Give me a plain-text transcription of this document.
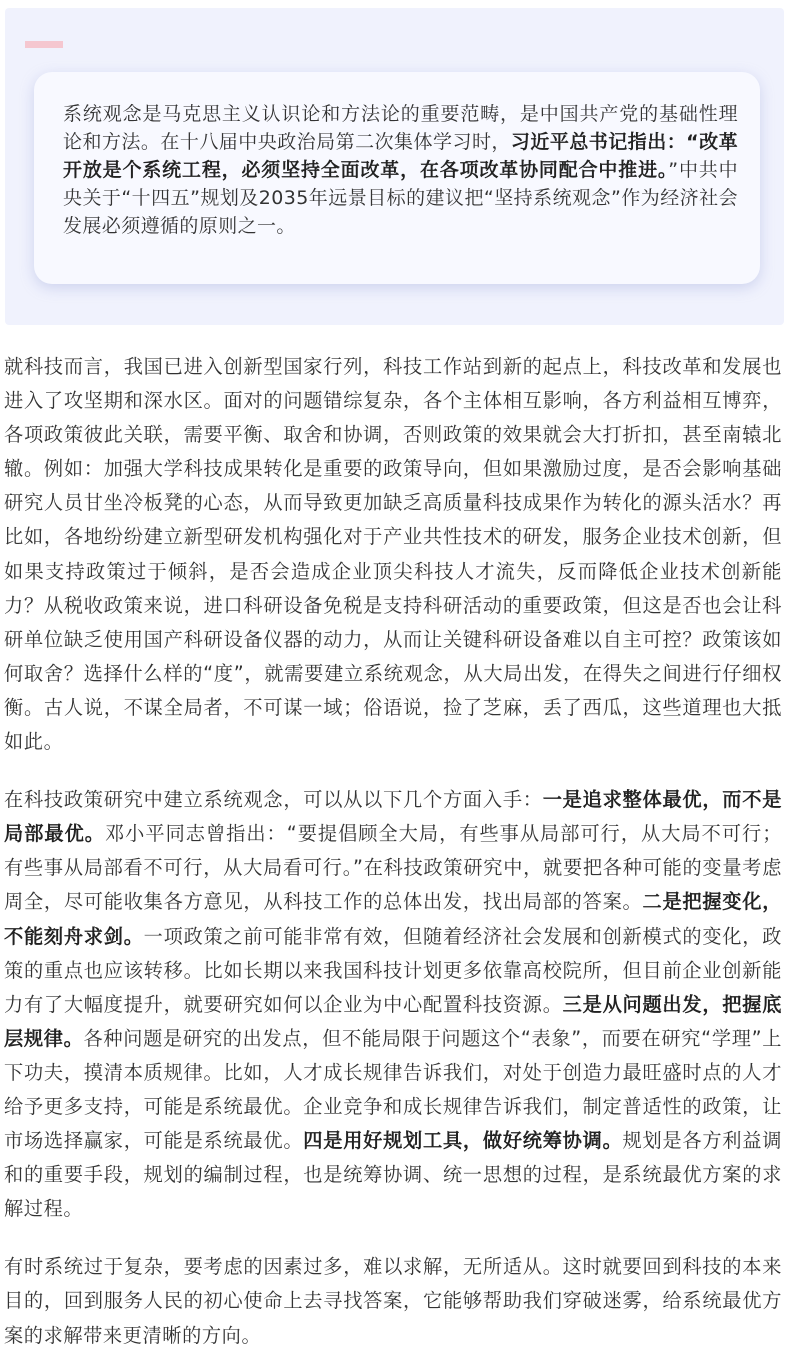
系统观念是马克思主义认识论和方法论的重要范畴，是中国共产党的基础性理论和方法。在十八届中央政治局第二次集体学习时，习近平总书记指出：“改革开放是个系统工程，必须坚持全面改革，在各项改革协同配合中推进。”中共中央关于“十四五”规划及2035年远景目标的建议把“坚持系统观念”作为经济社会发展必须遵循的原则之一。

就科技而言，我国已进入创新型国家行列，科技工作站到新的起点上，科技改革和发展也进入了攻坚期和深水区。面对的问题错综复杂，各个主体相互影响，各方利益相互博弈，各项政策彼此关联，需要平衡、取舍和协调，否则政策的效果就会大打折扣，甚至南辕北辙。例如：加强大学科技成果转化是重要的政策导向，但如果激励过度，是否会影响基础研究人员甘坐冷板凳的心态，从而导致更加缺乏高质量科技成果作为转化的源头活水？再比如，各地纷纷建立新型研发机构强化对于产业共性技术的研发，服务企业技术创新，但如果支持政策过于倾斜，是否会造成企业顶尖科技人才流失，反而降低企业技术创新能力？从税收政策来说，进口科研设备免税是支持科研活动的重要政策，但这是否也会让科研单位缺乏使用国产科研设备仪器的动力，从而让关键科研设备难以自主可控？政策该如何取舍？选择什么样的“度”，就需要建立系统观念，从大局出发，在得失之间进行仔细权衡。古人说，不谋全局者，不可谋一域；俗语说，捡了芝麻，丢了西瓜，这些道理也大抵如此。

在科技政策研究中建立系统观念，可以从以下几个方面入手：一是追求整体最优，而不是局部最优。邓小平同志曾指出：“要提倡顾全大局，有些事从局部可行，从大局不可行；有些事从局部看不可行，从大局看可行。”在科技政策研究中，就要把各种可能的变量考虑周全，尽可能收集各方意见，从科技工作的总体出发，找出局部的答案。二是把握变化，不能刻舟求剑。一项政策之前可能非常有效，但随着经济社会发展和创新模式的变化，政策的重点也应该转移。比如长期以来我国科技计划更多依靠高校院所，但目前企业创新能力有了大幅度提升，就要研究如何以企业为中心配置科技资源。三是从问题出发，把握底层规律。各种问题是研究的出发点，但不能局限于问题这个“表象”，而要在研究“学理”上下功夫，摸清本质规律。比如，人才成长规律告诉我们，对处于创造力最旺盛时点的人才给予更多支持，可能是系统最优。企业竞争和成长规律告诉我们，制定普适性的政策，让市场选择赢家，可能是系统最优。四是用好规划工具，做好统筹协调。规划是各方利益调和的重要手段，规划的编制过程，也是统筹协调、统一思想的过程，是系统最优方案的求解过程。

有时系统过于复杂，要考虑的因素过多，难以求解，无所适从。这时就要回到科技的本来目的，回到服务人民的初心使命上去寻找答案，它能够帮助我们穿破迷雾，给系统最优方案的求解带来更清晰的方向。
